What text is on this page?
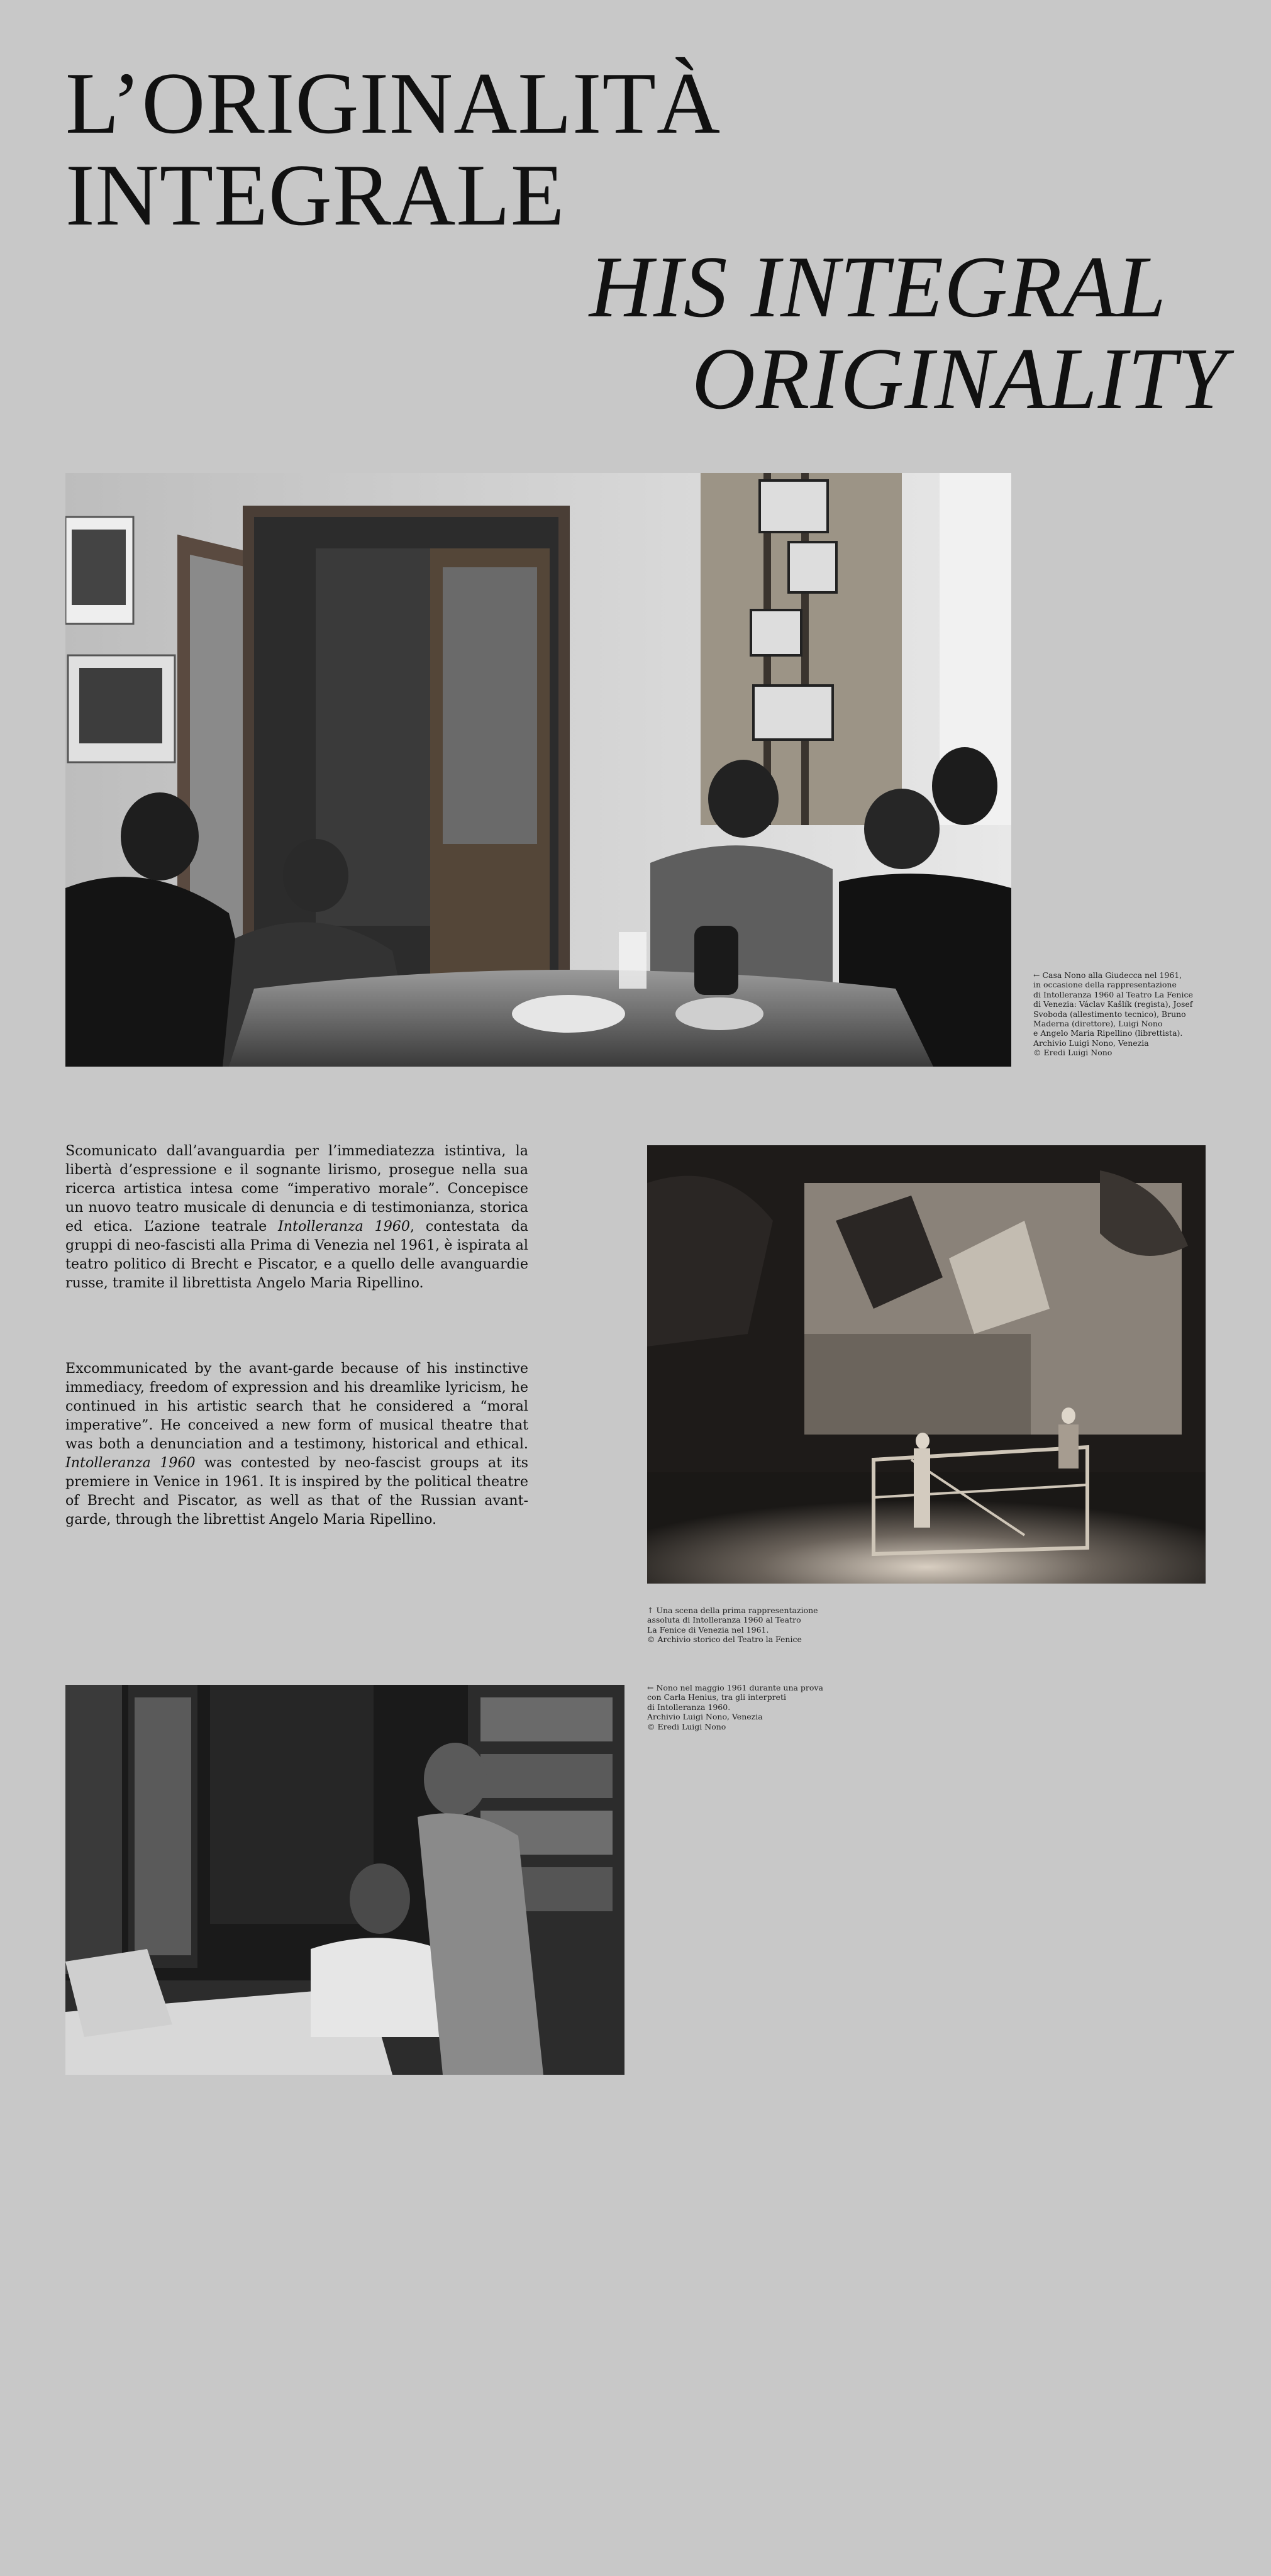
L’ORIGINALITÀ
INTEGRALE
HIS INTEGRAL
ORIGINALITY
← Casa Nono alla Giudecca nel 1961,
in occasione della rappresentazione
di Intolleranza 1960 al Teatro La Fenice
di Venezia: Václav Kašlík (regista), Josef
Svoboda (allestimento tecnico), Bruno
Maderna (direttore), Luigi Nono
e Angelo Maria Ripellino (librettista).
Archivio Luigi Nono, Venezia
© Eredi Luigi Nono

Scomunicato dall’avanguardia per l’immediatezza istintiva, la libertà d’espressione e il sognante lirismo, prosegue nella sua ricerca artistica intesa come “imperativo morale”. Concepisce un nuovo teatro musicale di denuncia e di testimonianza, storica ed etica. L’azione teatrale Intolleranza 1960, contestata da gruppi di neo-fascisti alla Prima di Venezia nel 1961, è ispirata al teatro politico di Brecht e Piscator, e a quello delle avanguardie russe, tramite il librettista Angelo Maria Ripellino.

Excommunicated by the avant-garde because of his instinctive immediacy, freedom of expression and his dreamlike lyricism, he continued in his artistic search that he considered a “moral imperative”. He conceived a new form of musical theatre that was both a denunciation and a testimony, historical and ethical. Intolleranza 1960 was contested by neo-fascist groups at its premiere in Venice in 1961. It is inspired by the political theatre of Brecht and Piscator, as well as that of the Russian avant-garde, through the librettist Angelo Maria Ripellino.

↑ Una scena della prima rappresentazione
assoluta di Intolleranza 1960 al Teatro
La Fenice di Venezia nel 1961.
© Archivio storico del Teatro la Fenice
← Nono nel maggio 1961 durante una prova
con Carla Henius, tra gli interpreti
di Intolleranza 1960.
Archivio Luigi Nono, Venezia
© Eredi Luigi Nono
